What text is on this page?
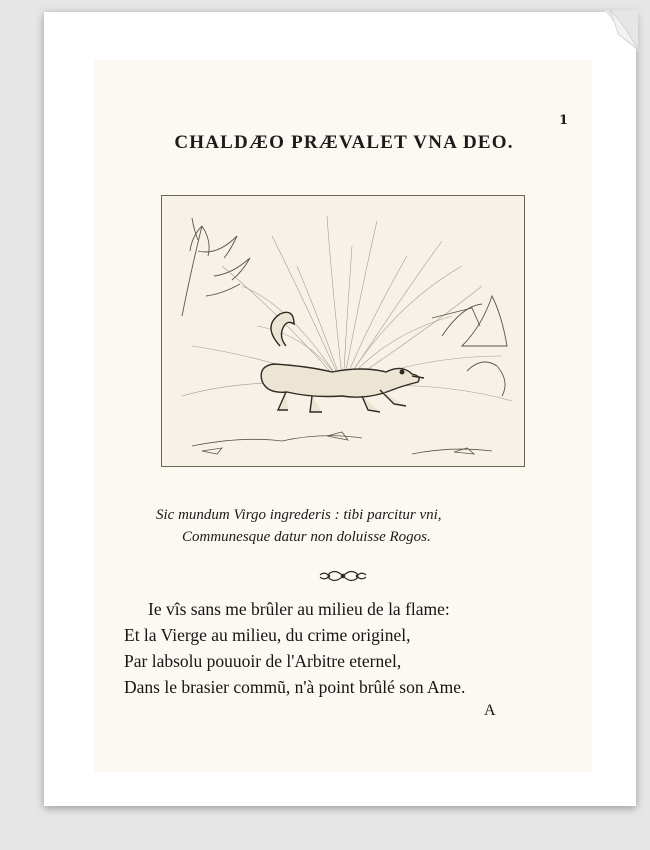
1
CHALDÆO PRÆVALET VNA DEO.
Sic mundum Virgo ingrederis : tibi parcitur vni,
Communesque datur non doluisse Rogos.
Ie vîs sans me brûler au milieu de la flame:
Et la Vierge au milieu, du crime originel,
Par labsolu pouuoir de l'Arbitre eternel,
Dans le brasier commũ, n'à point brûlé son Ame.
A
